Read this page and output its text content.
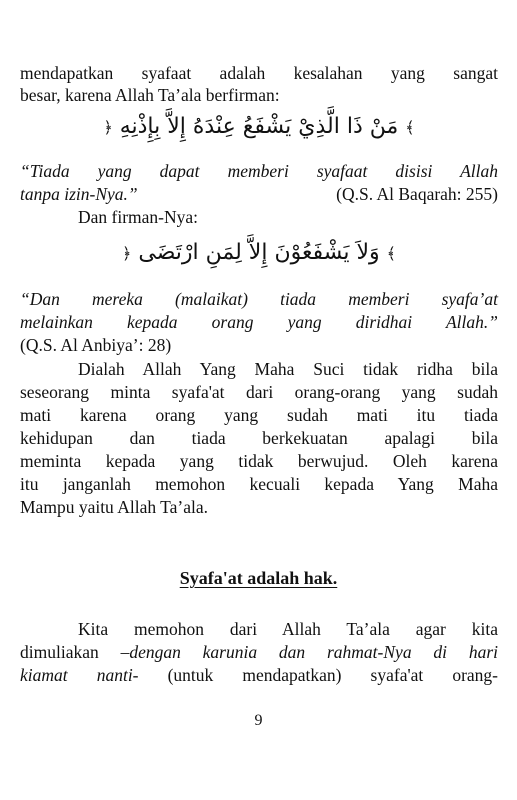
mendapatkan syafaat adalah kesalahan yang sangat
besar, karena Allah Ta’ala berfirman:
﴾ مَنْ ذَا الَّذِيْ يَشْفَعُ عِنْدَهُ إِلاَّ بِإِذْنِهِ ﴿
“Tiada yang dapat memberi syafaat disisi Allah
tanpa izin-Nya.”	(Q.S. Al Baqarah: 255)
Dan firman-Nya:
﴾ وَلاَ يَشْفَعُوْنَ إِلاَّ لِمَنِ ارْتَضَى ﴿
“Dan mereka (malaikat) tiada memberi syafa’at
melainkan kepada orang yang diridhai Allah.”
(Q.S. Al Anbiya’: 28)
Dialah Allah Yang Maha Suci tidak ridha bila
seseorang minta syafa'at dari orang-orang yang sudah
mati karena orang yang sudah mati itu tiada
kehidupan dan tiada berkekuatan apalagi bila
meminta kepada yang tidak berwujud. Oleh karena
itu janganlah memohon kecuali kepada Yang Maha
Mampu yaitu Allah Ta’ala.
Syafa'at adalah hak.
Kita memohon dari Allah Ta’ala agar kita
dimuliakan –dengan karunia dan rahmat-Nya di hari
kiamat nanti- (untuk mendapatkan) syafa'at orang-
9
